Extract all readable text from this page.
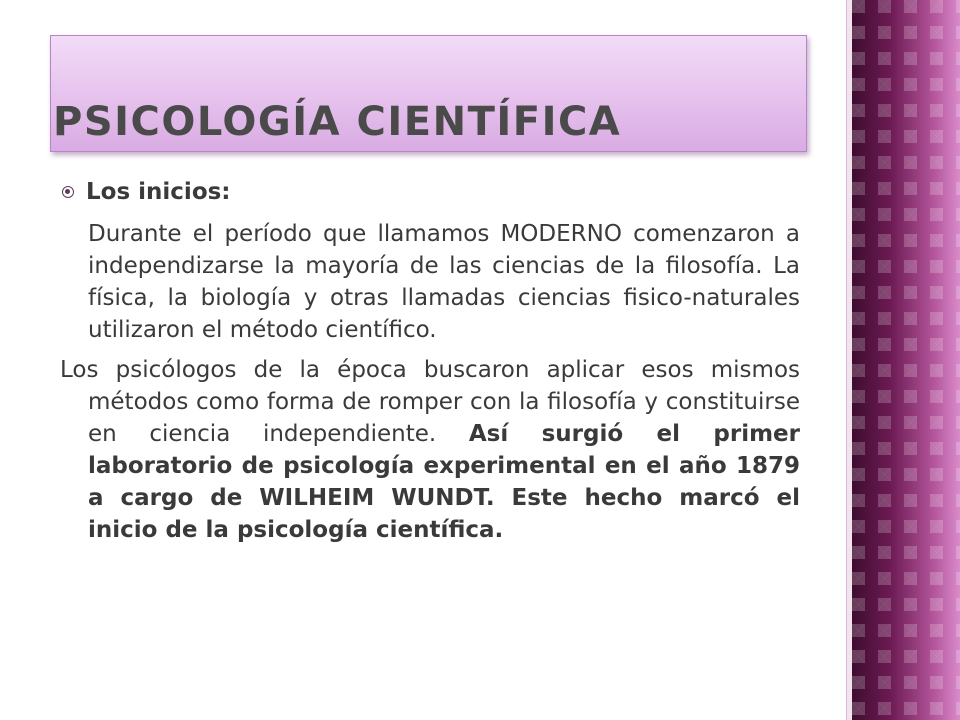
PSICOLOGÍA CIENTÍFICA
Los inicios:

Durante el período que llamamos MODERNO comenzaron a independizarse la mayoría de las ciencias de la filosofía. La física, la biología y otras llamadas ciencias fisico-naturales utilizaron el método científico.

Los psicólogos de la época buscaron aplicar esos mismos métodos como forma de romper con la filosofía y constituirse en ciencia independiente. Así surgió el primer laboratorio de psicología experimental en el año 1879 a cargo de WILHEIM WUNDT. Este hecho marcó el inicio de la psicología científica.
